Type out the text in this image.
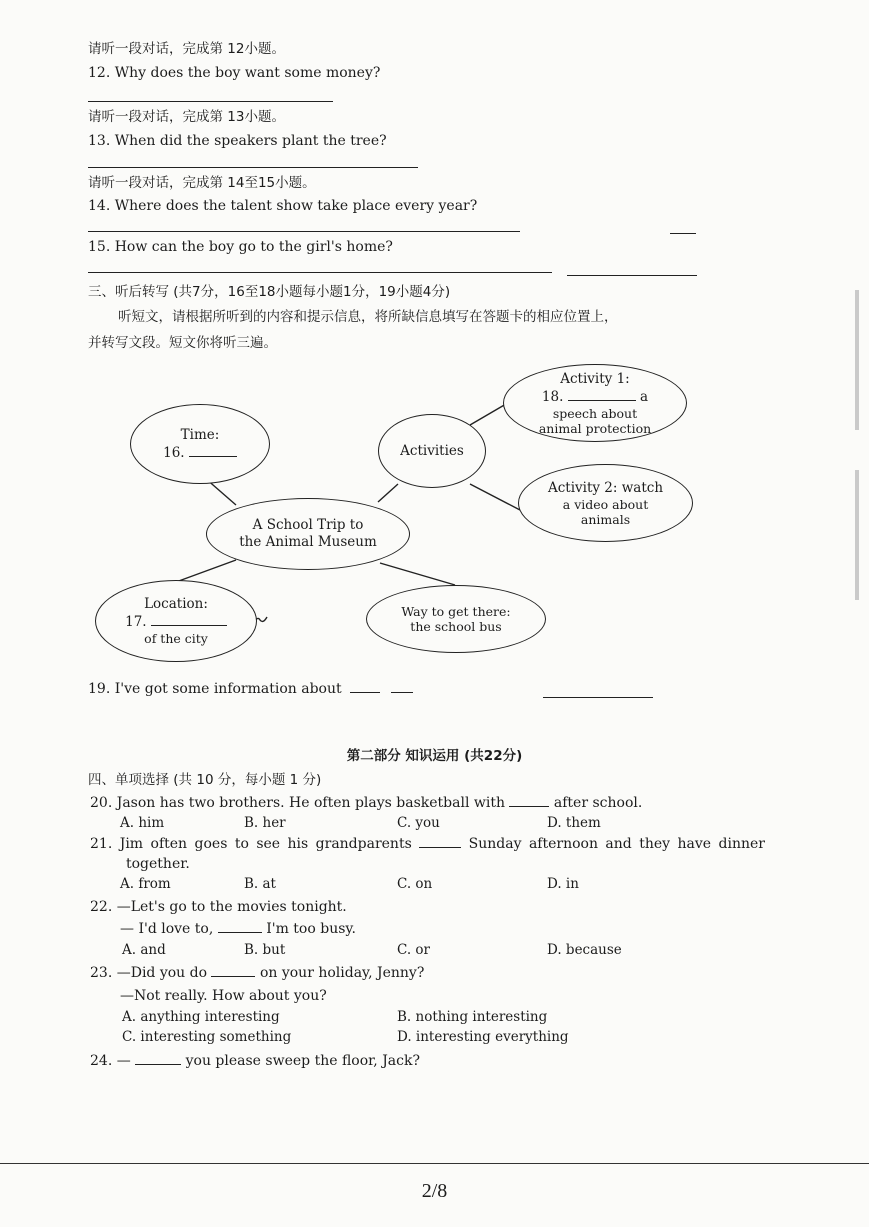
请听一段对话，完成第 12小题。
12. Why does the boy want some money?
请听一段对话，完成第 13小题。
13. When did the speakers plant the tree?
请听一段对话，完成第 14至15小题。
14. Where does the talent show take place every year?
15. How can the boy go to the girl's home?
三、听后转写 (共7分，16至18小题每小题1分，19小题4分)
听短文，请根据所听到的内容和提示信息，将所缺信息填写在答题卡的相应位置上，
并转写文段。短文你将听三遍。
Time:
16.	Activities
Activity 1:
18.	a
speech about
animal protection
Activity 2: watch
a video about
animals
A School Trip to
the Animal Museum
Location:
17.
of the city
Way to get there:
the school bus
19. I've got some information about
第二部分 知识运用 (共22分)
四、单项选择 (共 10 分，每小题 1 分)
20. Jason has two brothers. He often plays basketball with	after school.
A. him	B. her	C. you	D. them
21. Jim often goes to see his grandparents	Sunday afternoon and they have dinner
together.
A. from	B. at	C. on	D. in
22. —Let's go to the movies tonight.
— I'd love to,	I'm too busy.
A. and	B. but	C. or	D. because
23. —Did you do	on your holiday, Jenny?
—Not really. How about you?
A. anything interesting	B. nothing interesting
C. interesting something	D. interesting everything
24. —	you please sweep the floor, Jack?
2/8
